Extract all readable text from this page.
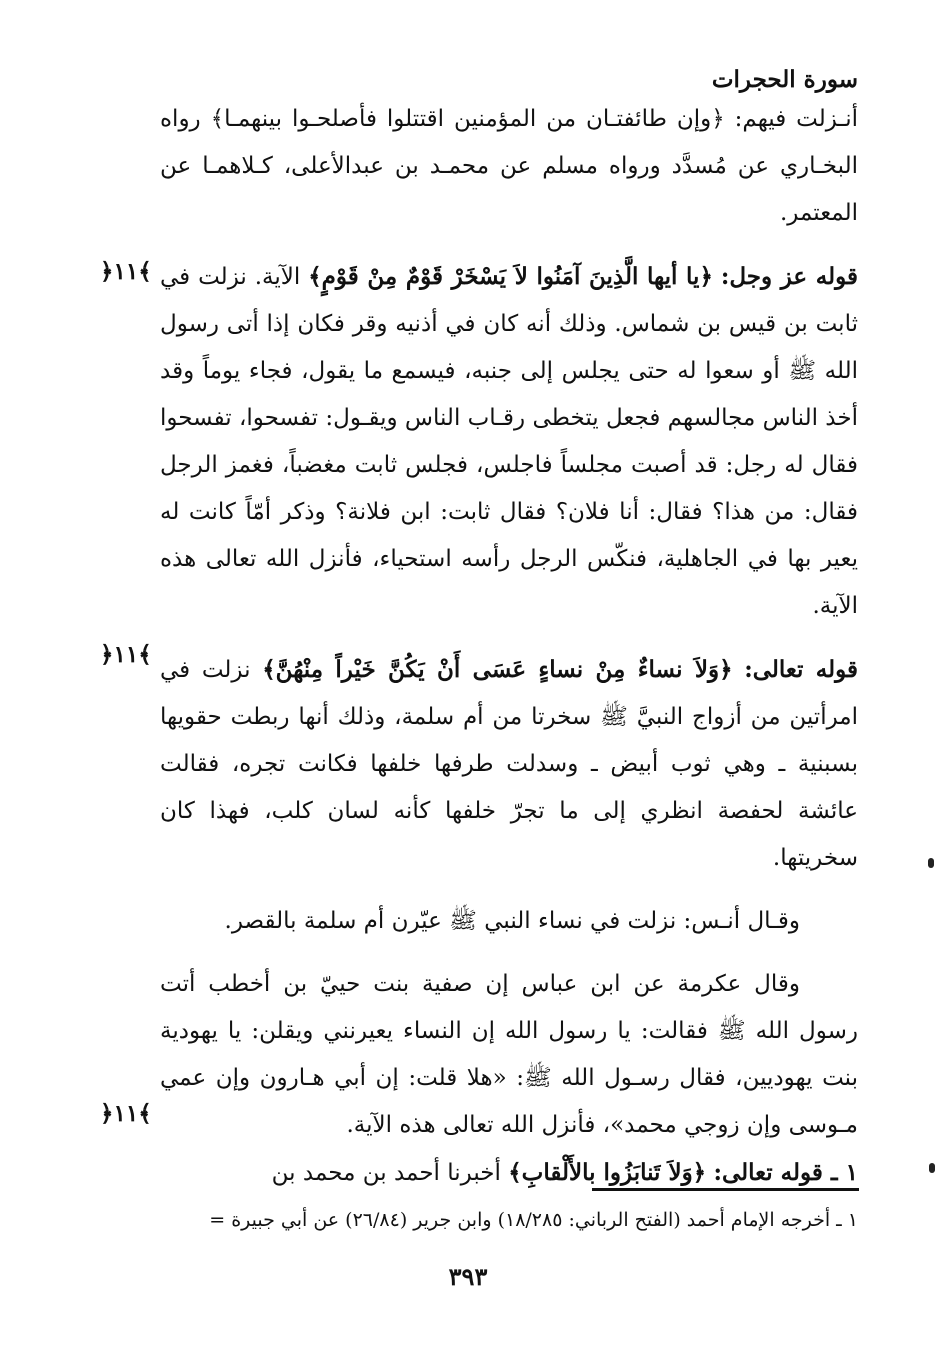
سورة الحجرات

أنـزلت فيهم: ﴿وإن طائفتـان من المؤمنين اقتتلوا فأصلحـوا بينهمـا﴾ رواه البخـاري عن مُسدَّد ورواه مسلم عن محمـد بن عبدالأعلى، كـلاهمـا عن المعتمر.

قوله عز وجل: ﴿يا أيها الَّذِينَ آمَنُوا لاَ يَسْخَرْ قَوْمٌ مِنْ قَوْمٍ﴾ الآية. نزلت في ثابت بن قيس بن شماس. وذلك أنه كان في أذنيه وقر فكان إذا أتى رسول الله ﷺ أو سعوا له حتى يجلس إلى جنبه، فيسمع ما يقول، فجاء يوماً وقد أخذ الناس مجالسهم فجعل يتخطى رقـاب الناس ويقـول: تفسحوا، تفسحوا فقال له رجل: قد أصبت مجلساً فاجلس، فجلس ثابت مغضباً، فغمز الرجل فقال: من هذا؟ فقال: أنا فلان؟ فقال ثابت: ابن فلانة؟ وذكر أمّاً كانت له يعير بها في الجاهلية، فنكّس الرجل رأسه استحياء، فأنزل الله تعالى هذه الآية.

قوله تعالى: ﴿وَلاَ نساءٌ مِنْ نساءٍ عَسَى أَنْ يَكُنَّ خَيْراً مِنْهُنَّ﴾ نزلت في امرأتين من أزواج النبيَّ ﷺ سخرتا من أم سلمة، وذلك أنها ربطت حقويها بسبنية ـ وهي ثوب أبيض ـ وسدلت طرفها خلفها فكانت تجره، فقالت عائشة لحفصة انظري إلى ما تجرّ خلفها كأنه لسان كلب، فهذا كان سخريتها.

وقـال أنـس: نزلت في نساء النبي ﷺ عيّرن أم سلمة بالقصر.

وقال عكرمة عن ابن عباس إن صفية بنت حييّ بن أخطب أتت رسول الله ﷺ فقالت: يا رسول الله إن النساء يعيرنني ويقلن: يا يهودية بنت يهوديين، فقال رسـول الله ﷺ: «هلا قلت: إن أبي هـارون وإن عمي مـوسى وإن زوجي محمد»، فأنزل الله تعالى هذه الآية.

١ ـ قوله تعالى: ﴿وَلاَ تَنابَزُوا بالأَلْقابِ﴾ أخبرنا أحمد بن محمد بن

﴿١١﴾
﴿١١﴾
﴿١١﴾
١ ـ أخرجه الإمام أحمد (الفتح الرباني: ١٨/٢٨٥) وابن جرير (٢٦/٨٤) عن أبي جبيرة =
٣٩٣
